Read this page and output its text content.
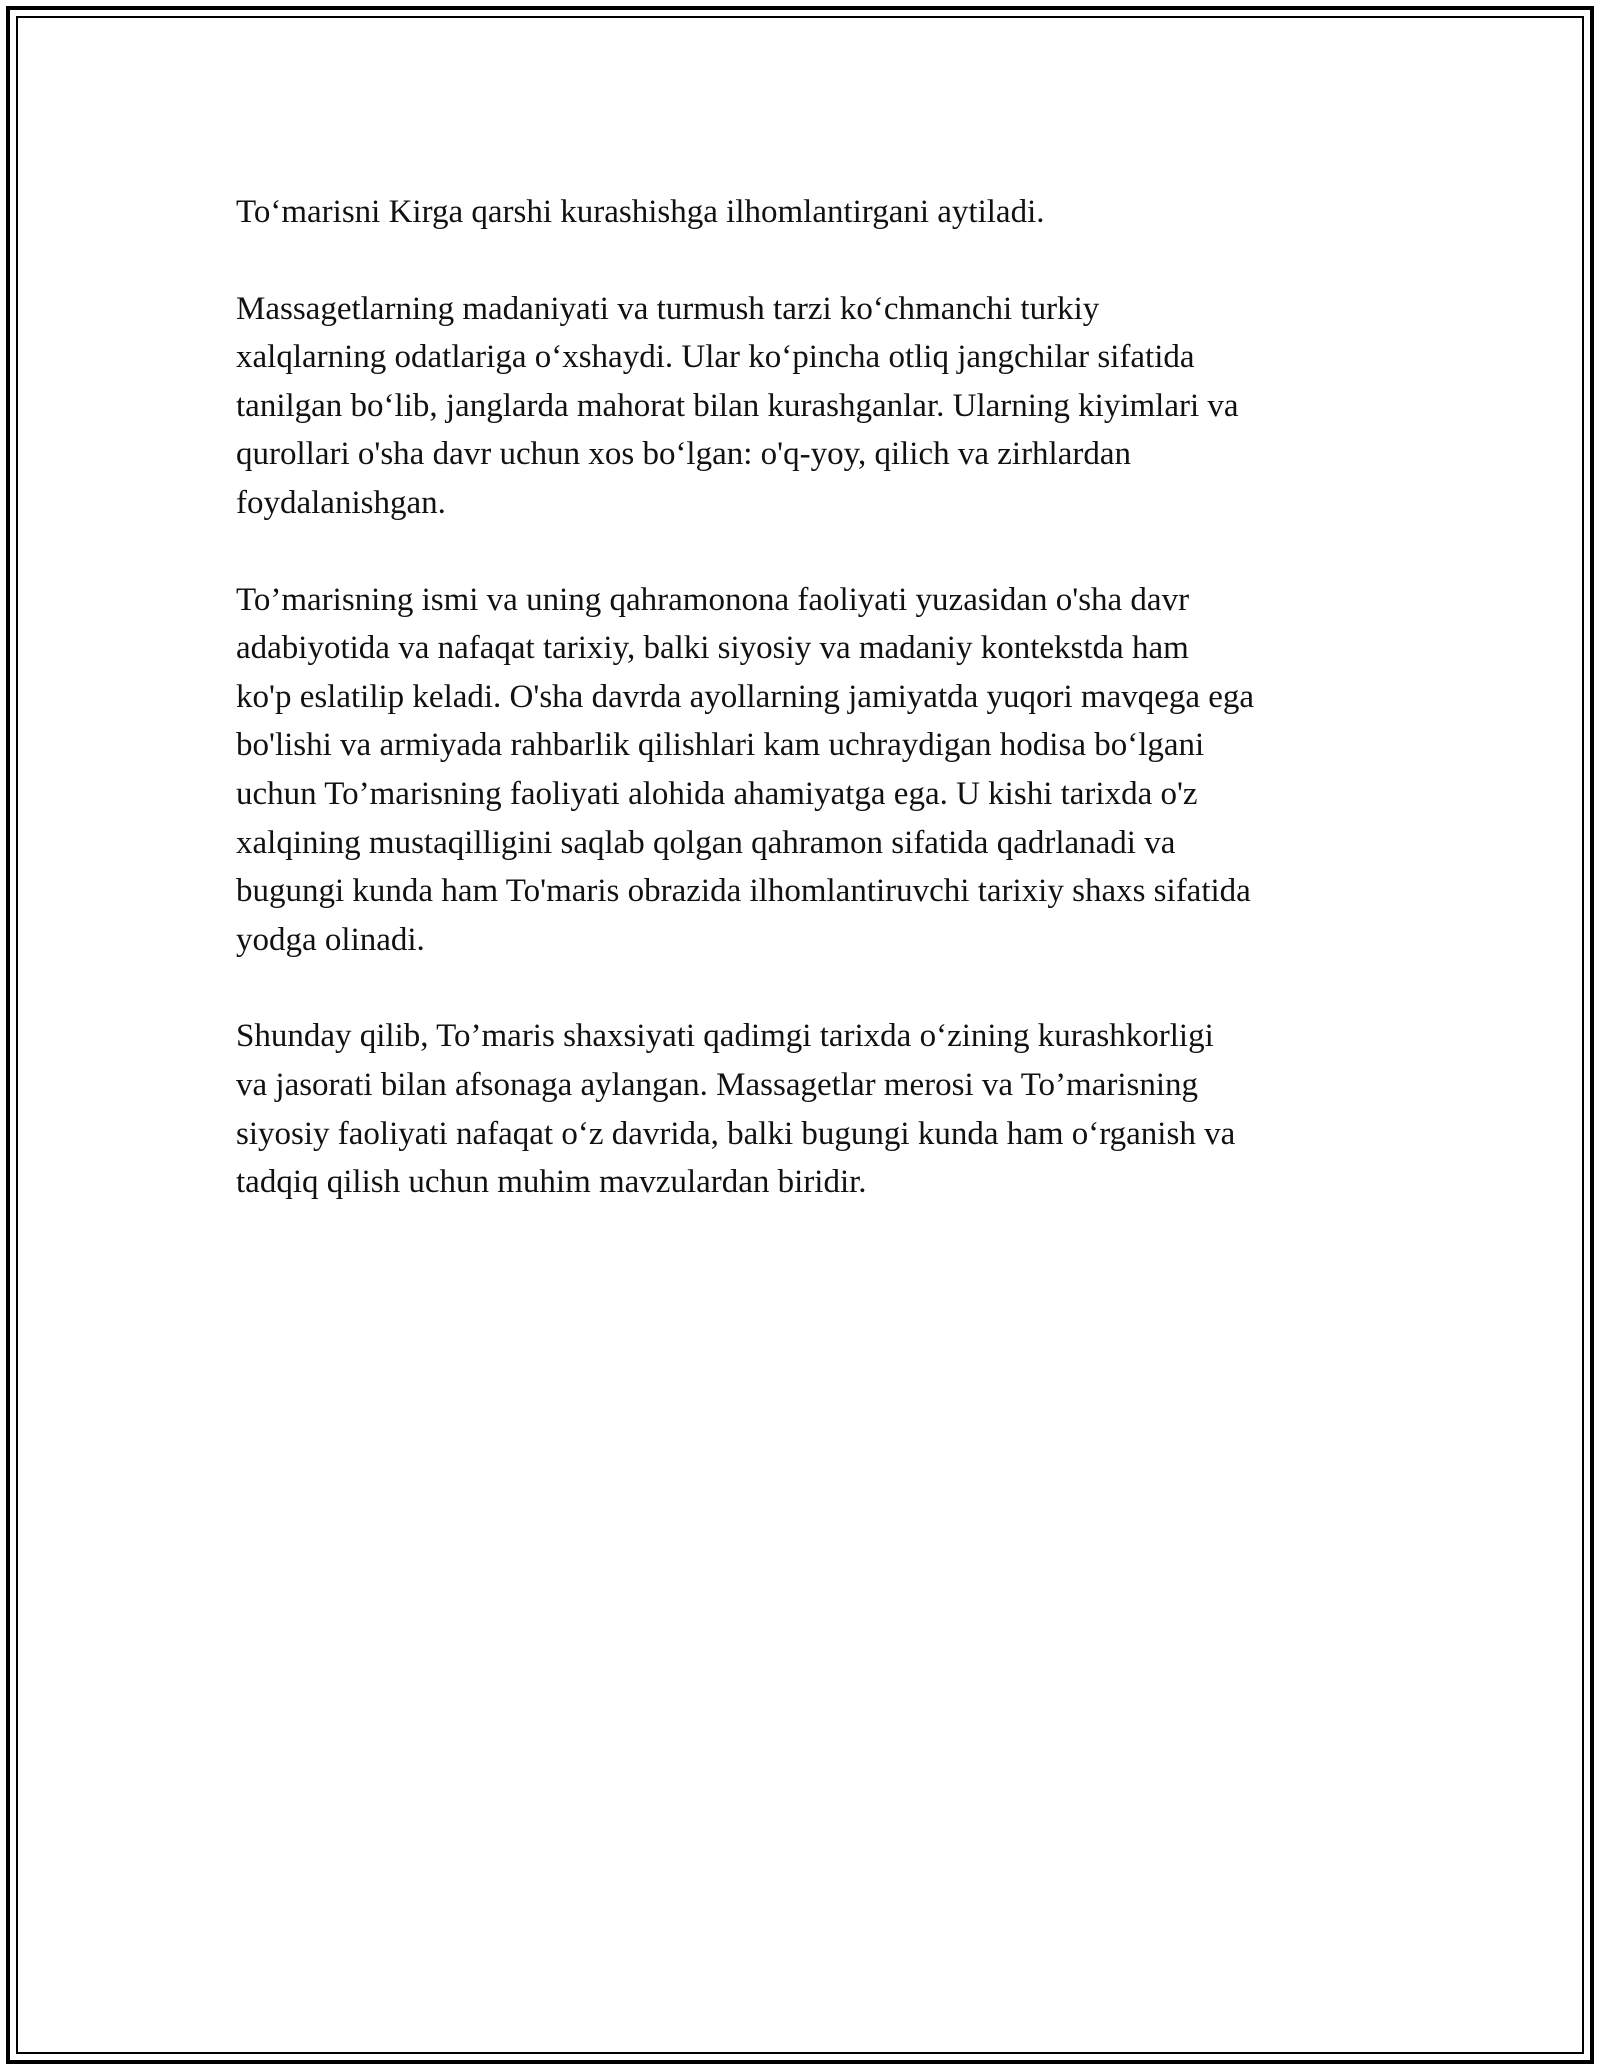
To‘marisni Kirga qarshi kurashishga ilhomlantirgani aytiladi.

Massagetlarning madaniyati va turmush tarzi ko‘chmanchi turkiy
xalqlarning odatlariga o‘xshaydi. Ular ko‘pincha otliq jangchilar sifatida
tanilgan bo‘lib, janglarda mahorat bilan kurashganlar. Ularning kiyimlari va
qurollari o'sha davr uchun xos bo‘lgan: o'q-yoy, qilich va zirhlardan
foydalanishgan.

To’marisning ismi va uning qahramonona faoliyati yuzasidan o'sha davr
adabiyotida va nafaqat tarixiy, balki siyosiy va madaniy kontekstda ham
ko'p eslatilip keladi. O'sha davrda ayollarning jamiyatda yuqori mavqega ega
bo'lishi va armiyada rahbarlik qilishlari kam uchraydigan hodisa bo‘lgani
uchun To’marisning faoliyati alohida ahamiyatga ega. U kishi tarixda o'z
xalqining mustaqilligini saqlab qolgan qahramon sifatida qadrlanadi va
bugungi kunda ham To'maris obrazida ilhomlantiruvchi tarixiy shaxs sifatida
yodga olinadi.

Shunday qilib, To’maris shaxsiyati qadimgi tarixda o‘zining kurashkorligi
va jasorati bilan afsonaga aylangan. Massagetlar merosi va To’marisning
siyosiy faoliyati nafaqat o‘z davrida, balki bugungi kunda ham o‘rganish va
tadqiq qilish uchun muhim mavzulardan biridir.
